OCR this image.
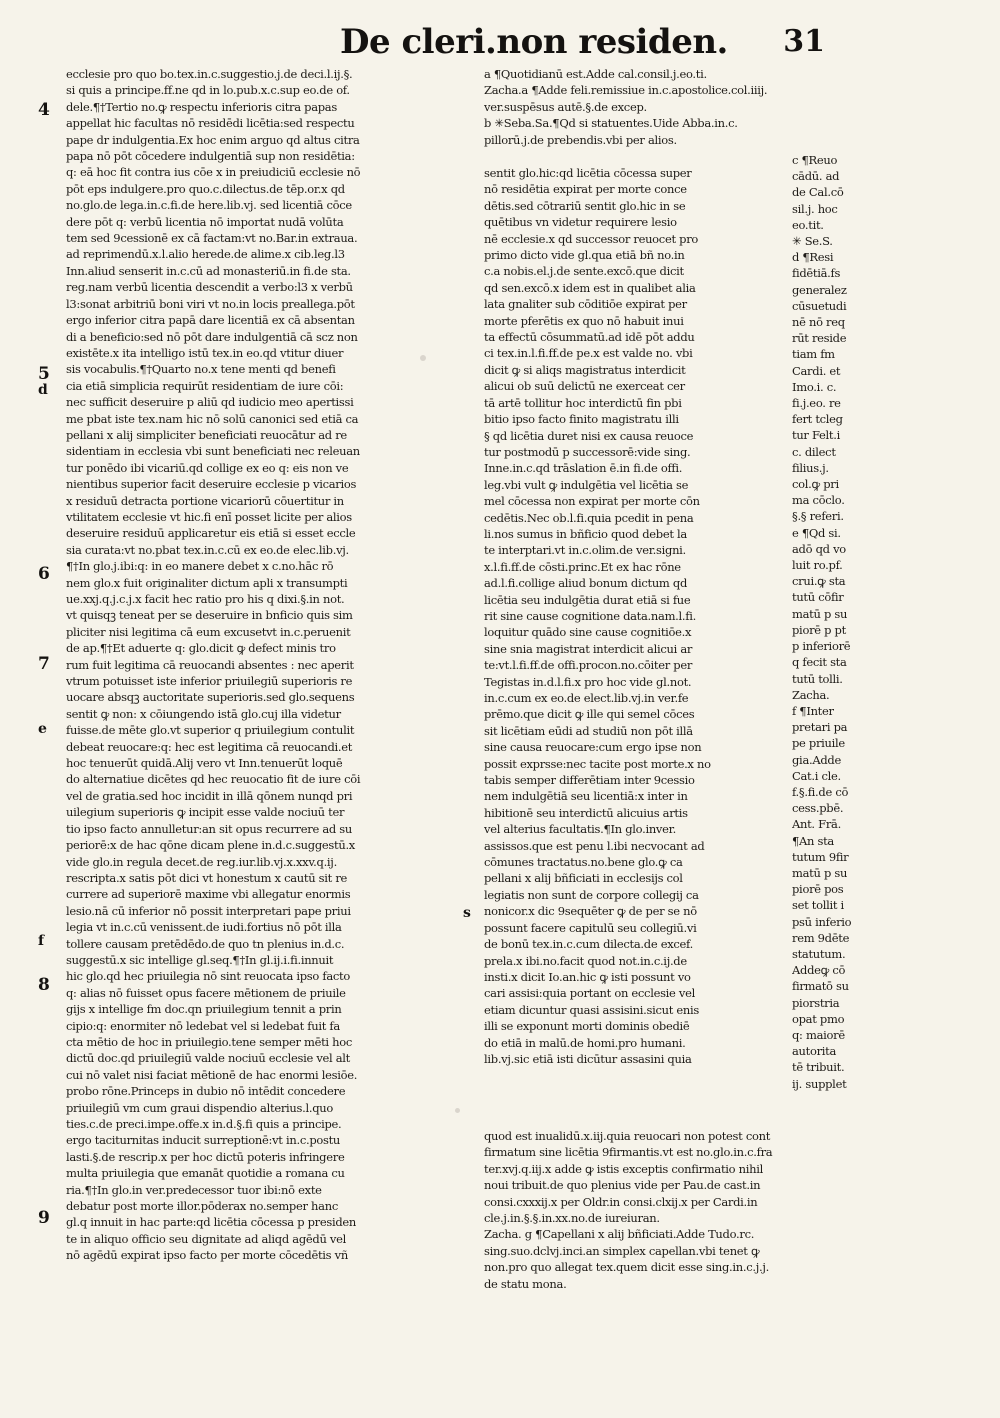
De cleri.non residen. 31

ecclesie pro quo bo.tex.in.c.suggestio.j.de deci.l.ij.§.

si quis a principe.ff.ne qd in lo.pub.x.c.sup eo.de of.

dele.¶†Tertio no.ꝙ respectu inferioris citra papas

appellat hic facultas nō residēdi licētia:sed respectu

pape dr indulgentia.Ex hoc enim arguo qd altus citra

papa nō pōt cōcedere indulgentiā sup non residētia:

q: eā hoc fit contra ius cōe x in preiudiciū ecclesie nō

pōt eps indulgere.pro quo.c.dilectus.de tēp.or.x qd

no.glo.de lega.in.c.fi.de here.lib.vj. sed licentiā cōce

dere pōt q: verbū licentia nō importat nudā volūta

tem sed 9cessionē ex cā factam:vt no.Bar.in extraua.

ad reprimendū.x.l.alio herede.de alime.x cib.leg.l3

Inn.aliud senserit in.c.cū ad monasteriū.in fi.de sta.

reg.nam verbū licentia descendit a verbo:l3 x verbū

l3:sonat arbitriū boni viri vt no.in locis preallega.pōt

ergo inferior citra papā dare licentiā ex cā absentan

di a beneficio:sed nō pōt dare indulgentiā cā scz non

existēte.x ita intelligo istū tex.in eo.qd vtitur diuer

sis vocabulis.¶†Quarto no.x tene menti qd benefi

cia etiā simplicia requirūt residentiam de iure cōi:

nec sufficit deseruire p aliū qd iudicio meo apertissi

me pbat iste tex.nam hic nō solū canonici sed etiā ca

pellani x alij simpliciter beneficiati reuocātur ad re

sidentiam in ecclesia vbi sunt beneficiati nec releuan

tur ponēdo ibi vicariū.qd collige ex eo q: eis non ve

nientibus superior facit deseruire ecclesie p vicarios

x residuū detracta portione vicariorū cōuertitur in

vtilitatem ecclesie vt hic.fi enī posset licite per alios

deseruire residuū applicaretur eis etiā si esset eccle

sia curata:vt no.pbat tex.in.c.cū ex eo.de elec.lib.vj.

¶†In glo.j.ibi:q: in eo manere debet x c.no.hāc rō

nem glo.x fuit originaliter dictum apli x transumpti

ue.xxj.q.j.c.j.x facit hec ratio pro his q dixi.§.in not.

vt quisqꝫ teneat per se deseruire in bnficio quis sim

pliciter nisi legitima cā eum excusetvt in.c.peruenit

de ap.¶†Et aduerte q: glo.dicit ꝙ defect minis tro

rum fuit legitima cā reuocandi absentes : nec aperit

vtrum potuisset iste inferior priuilegiū superioris re

uocare absqꝫ auctoritate superioris.sed glo.sequens

sentit ꝙ non: x cōiungendo istā glo.cuj illa videtur

fuisse.de mēte glo.vt superior q priuilegium contulit

debeat reuocare:q: hec est legitima cā reuocandi.et

hoc tenuerūt quidā.Alij vero vt Inn.tenuerūt loquē

do alternatiue dicētes qd hec reuocatio fit de iure cōi

vel de gratia.sed hoc incidit in illā qōnem nunqd pri

uilegium superioris ꝙ incipit esse valde nociuū ter

tio ipso facto annulletur:an sit opus recurrere ad su

periorē:x de hac qōne dicam plene in.d.c.suggestū.x

vide glo.in regula decet.de reg.iur.lib.vj.x.xxv.q.ij.

rescripta.x satis pōt dici vt honestum x cautū sit re

currere ad superiorē maxime vbi allegatur enormis

lesio.nā cū inferior nō possit interpretari pape priui

legia vt in.c.cū venissent.de iudi.fortius nō pōt illa

tollere causam pretēdēdo.de quo tn plenius in.d.c.

suggestū.x sic intellige gl.seq.¶†In gl.ij.i.fi.innuit

hic glo.qd hec priuilegia nō sint reuocata ipso facto

q: alias nō fuisset opus facere mētionem de priuile

gijs x intellige fm doc.qn priuilegium tennit a prin

cipio:q: enormiter nō ledebat vel si ledebat fuit fa

cta mētio de hoc in priuilegio.tene semper mēti hoc

dictū doc.qd priuilegiū valde nociuū ecclesie vel alt

cui nō valet nisi faciat mētionē de hac enormi lesiōe.

probo rōne.Princeps in dubio nō intēdit concedere

priuilegiū vm cum graui dispendio alterius.l.quo

ties.c.de preci.impe.offe.x in.d.§.fi quis a principe.

ergo taciturnitas inducit surreptionē:vt in.c.postu

lasti.§.de rescrip.x per hoc dictū poteris infringere

multa priuilegia que emanāt quotidie a romana cu

ria.¶†In glo.in ver.predecessor tuor ibi:nō exte

debatur post morte illor.pōderax no.semper hanc

gl.q innuit in hac parte:qd licētia cōcessa p presiden

te in aliquo officio seu dignitate ad aliqd agēdū vel

nō agēdū expirat ipso facto per morte cōcedētis vñ

a ¶Quotidianū est.Adde cal.consil.j.eo.ti.

Zacha.a ¶Adde feli.remissiue in.c.apostolice.col.iiij.

ver.suspēsus autē.§.de excep.

b ✳Seba.Sa.¶Qd si statuentes.Uide Abba.in.c.

pillorū.j.de prebendis.vbi per alios.

sentit glo.hic:qd licētia cōcessa super

nō residētia expirat per morte conce

dētis.sed cōtrariū sentit glo.hic in se

quētibus vn videtur requirere lesio

nē ecclesie.x qd successor reuocet pro

primo dicto vide gl.qua etiā bñ no.in

c.a nobis.el.j.de sente.excō.que dicit

qd sen.excō.x idem est in qualibet alia

lata gnaliter sub cōditiōe expirat per

morte pferētis ex quo nō habuit inui

ta effectū cōsummatū.ad idē pōt addu

ci tex.in.l.fi.ff.de pe.x est valde no. vbi

dicit ꝙ si aliqs magistratus interdicit

alicui ob suū delictū ne exerceat cer

tā artē tollitur hoc interdictū fin pbi

bitio ipso facto finito magistratu illi

§ qd licētia duret nisi ex causa reuoce

tur postmodū p successorē:vide sing.

Inne.in.c.qd trāslation ē.in fi.de offi.

leg.vbi vult ꝙ indulgētia vel licētia se

mel cōcessa non expirat per morte cōn

cedētis.Nec ob.l.fi.quia pcedit in pena

li.nos sumus in bñficio quod debet la

te interptari.vt in.c.olim.de ver.signi.

x.l.fi.ff.de cōsti.princ.Et ex hac rōne

ad.l.fi.collige aliud bonum dictum qd

licētia seu indulgētia durat etiā si fue

rit sine cause cognitione data.nam.l.fi.

loquitur quādo sine cause cognitiōe.x

sine snia magistrat interdicit alicui ar

te:vt.l.fi.ff.de offi.procon.no.cōiter per

Tegistas in.d.l.fi.x pro hoc vide gl.not.

in.c.cum ex eo.de elect.lib.vj.in ver.fe

prēmo.que dicit ꝙ ille qui semel cōces

sit licētiam eūdi ad studiū non pōt illā

sine causa reuocare:cum ergo ipse non

possit exprsse:nec tacite post morte.x no

tabis semper differētiam inter 9cessio

nem indulgētiā seu licentiā:x inter in

hibitionē seu interdictū alicuius artis

vel alterius facultatis.¶In glo.inver.

assissos.que est penu l.ibi necvocant ad

cōmunes tractatus.no.bene glo.ꝙ ca

pellani x alij bñficiati in ecclesijs col

legiatis non sunt de corpore collegij ca

nonicor.x dic 9sequēter ꝙ de per se nō

possunt facere capitulū seu collegiū.vi

de bonū tex.in.c.cum dilecta.de excef.

prela.x ibi.no.facit quod not.in.c.ij.de

insti.x dicit Io.an.hic ꝙ isti possunt vo

cari assisi:quia portant on ecclesie vel

etiam dicuntur quasi assisini.sicut enis

illi se exponunt morti dominis obediē

do etiā in malū.de homi.pro humani.

lib.vj.sic etiā isti dicūtur assasini quia

c ¶Reuo

cādū. ad

de Cal.cō

sil.j. hoc

eo.tit.

✳ Se.S.

d ¶Resi

fidētiā.fs

generalez

cūsuetudi

nē nō req

rūt reside

tiam fm

Cardi. et

Imo.i. c.

fi.j.eo. re

fert tcleg

tur Felt.i

c. dilect

filius.j.

col.ꝙ pri

ma cōclo.

§.§ referi.

e ¶Qd si.

adō qd vo

luit ro.pf.

crui.ꝙ sta

tutū cōfir

matū p su

piorē p pt

p inferiorē

q fecit sta

tutū tolli.

Zacha.

f ¶Inter

pretari pa

pe priuile

gia.Adde

Cat.i cle.

f.§.fi.de cō

cess.pbē.

Ant. Frā.

¶An sta

tutum 9fir

matū p su

piorē pos

set tollit i

psū inferio

rem 9dēte

statutum.

Addeꝙ cō

firmatō su

piorstria

opat pmo

q: maiorē

autorita

tē tribuit.

ij. supplet

quod est inualidū.x.iij.quia reuocari non potest cont

firmatum sine licētia 9firmantis.vt est no.glo.in.c.fra

ter.xvj.q.iij.x adde ꝙ istis exceptis confirmatio nihil

noui tribuit.de quo plenius vide per Pau.de cast.in

consi.cxxxij.x per Oldr.in consi.clxij.x per Cardi.in

cle.j.in.§.§.in.xx.no.de iureiuran.

Zacha. g ¶Capellani x alij bñficiati.Adde Tudo.rc.

sing.suo.dclvj.inci.an simplex capellan.vbi tenet ꝙ

non.pro quo allegat tex.quem dicit esse sing.in.c.j.j.

de statu mona.

4
5
d
6
7
e
f
8
9
s
